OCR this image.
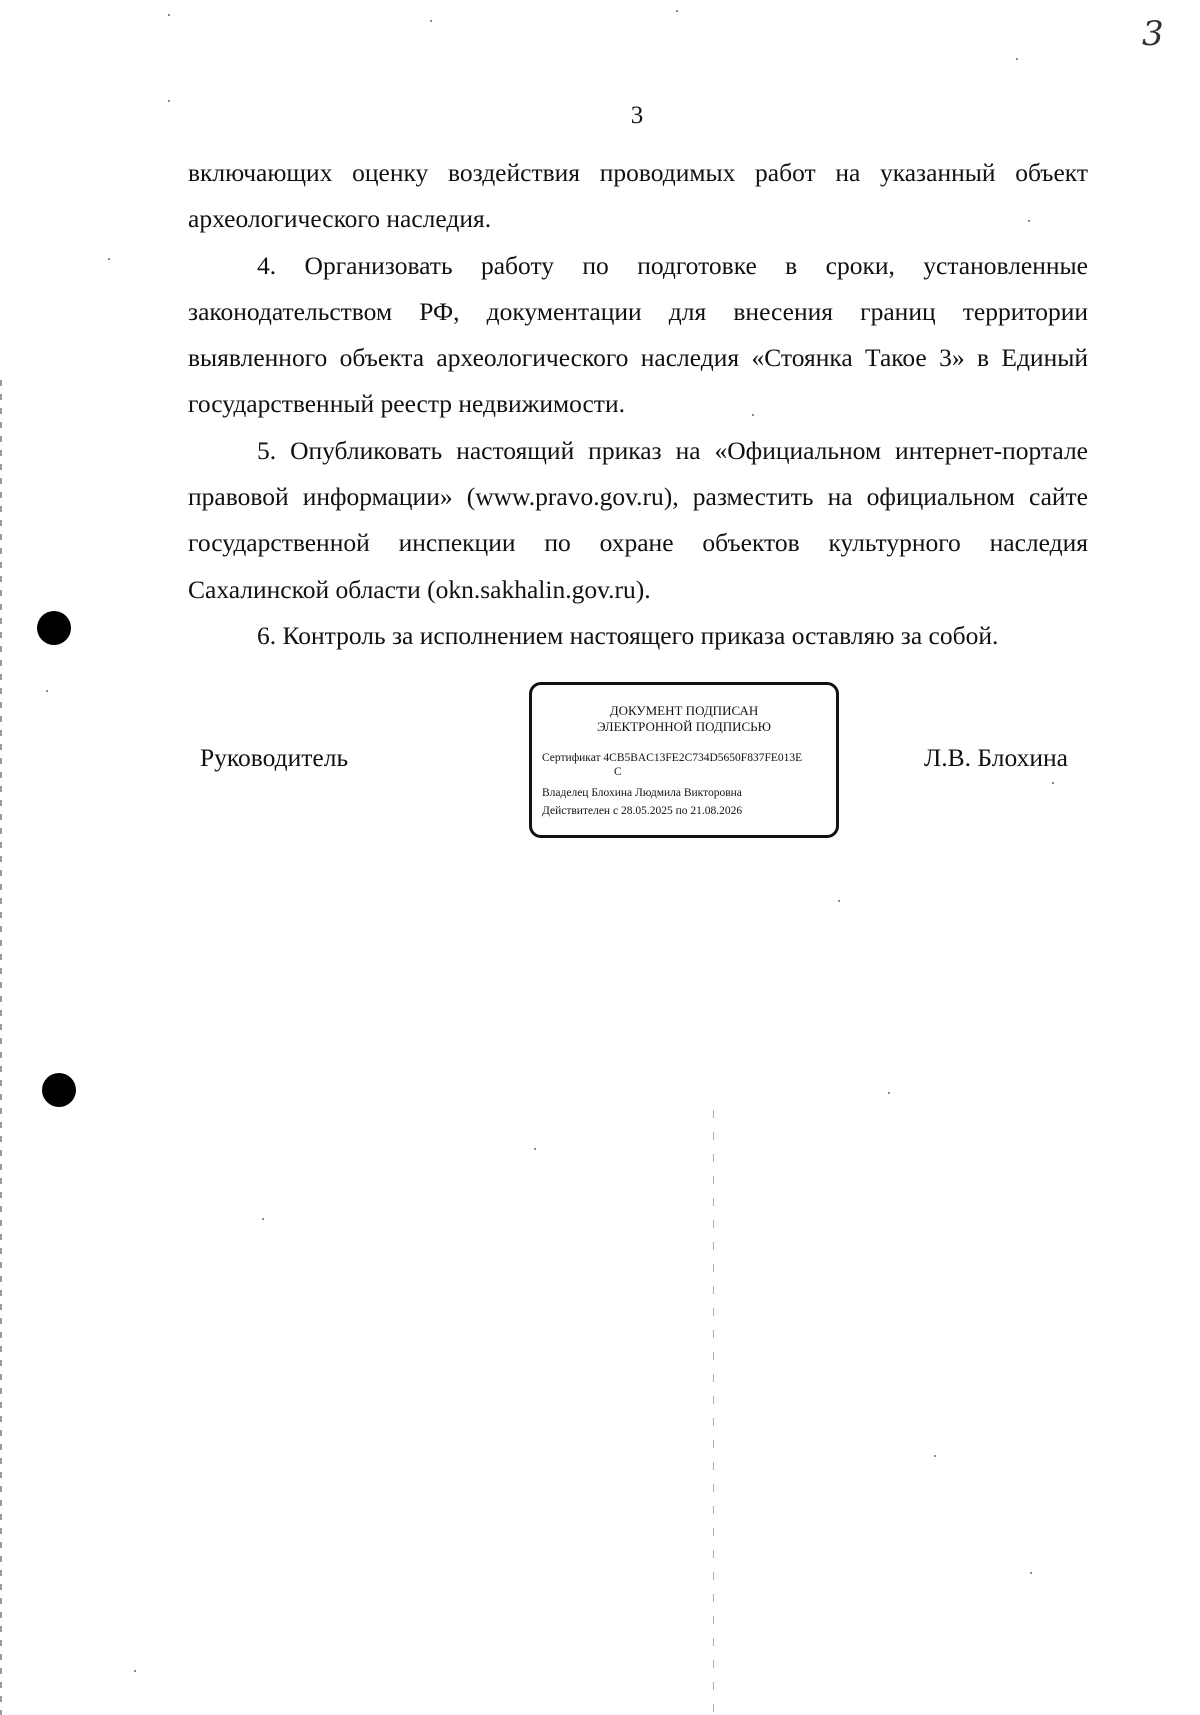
3
3

включающих оценку воздействия проводимых работ на указанный объект археологического наследия.

4. Организовать работу по подготовке в сроки, установленные законодательством РФ, документации для внесения границ территории выявленного объекта археологического наследия «Стоянка Такое 3» в Единый государственный реестр недвижимости.

5. Опубликовать настоящий приказ на «Официальном интернет-портале правовой информации» (www.pravo.gov.ru), разместить на официальном сайте государственной инспекции по охране объектов культурного наследия Сахалинской области (okn.sakhalin.gov.ru).

6. Контроль за исполнением настоящего приказа оставляю за собой.

Руководитель
ДОКУМЕНТ ПОДПИСАН
ЭЛЕКТРОННОЙ ПОДПИСЬЮ
Сертификат 4CB5BAC13FE2C734D5650F837FE013E
C
Владелец Блохина Людмила Викторовна
Действителен с 28.05.2025 по 21.08.2026
Л.В. Блохина
